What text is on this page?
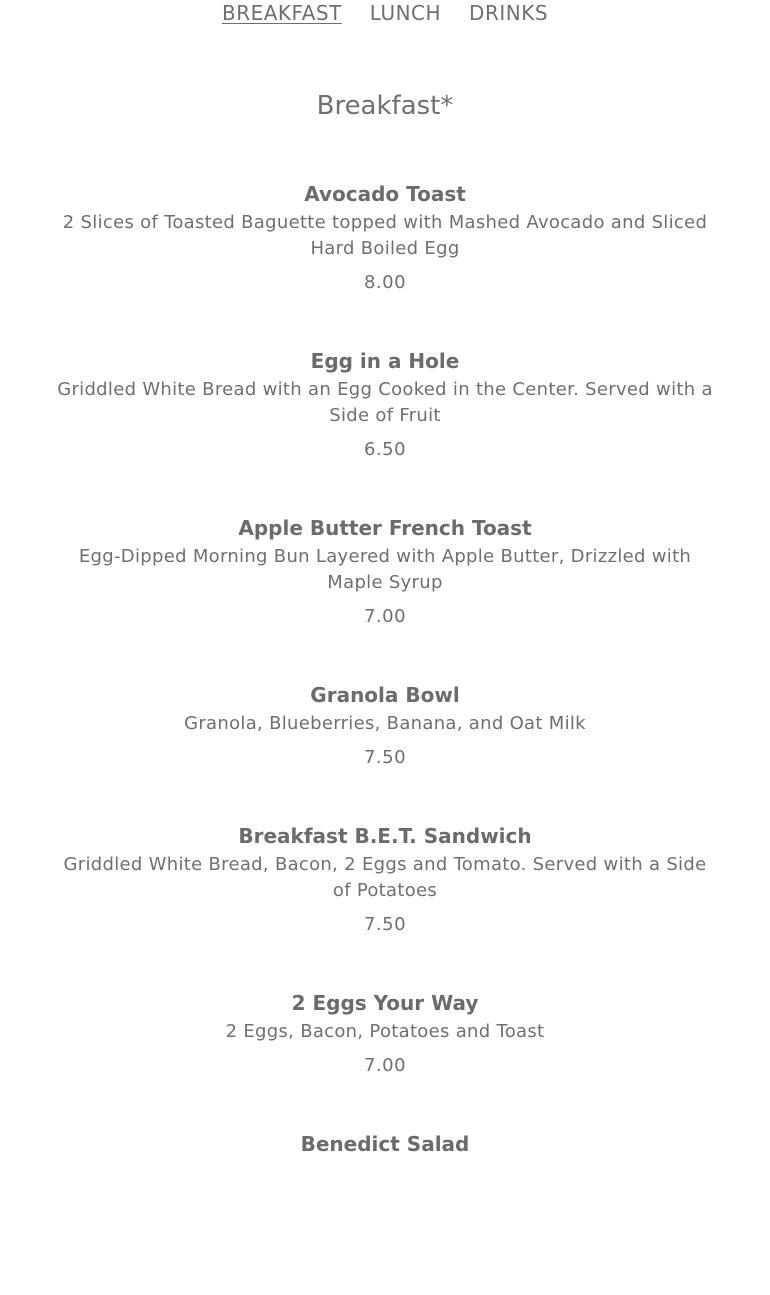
BREAKFAST LUNCH DRINKS
Breakfast*
Avocado Toast
2 Slices of Toasted Baguette topped with Mashed Avocado and Sliced Hard Boiled Egg
8.00
Egg in a Hole
Griddled White Bread with an Egg Cooked in the Center. Served with a Side of Fruit
6.50
Apple Butter French Toast
Egg-Dipped Morning Bun Layered with Apple Butter, Drizzled with Maple Syrup
7.00
Granola Bowl
Granola, Blueberries, Banana, and Oat Milk
7.50
Breakfast B.E.T. Sandwich
Griddled White Bread, Bacon, 2 Eggs and Tomato. Served with a Side of Potatoes
7.50
2 Eggs Your Way
2 Eggs, Bacon, Potatoes and Toast
7.00
Benedict Salad
